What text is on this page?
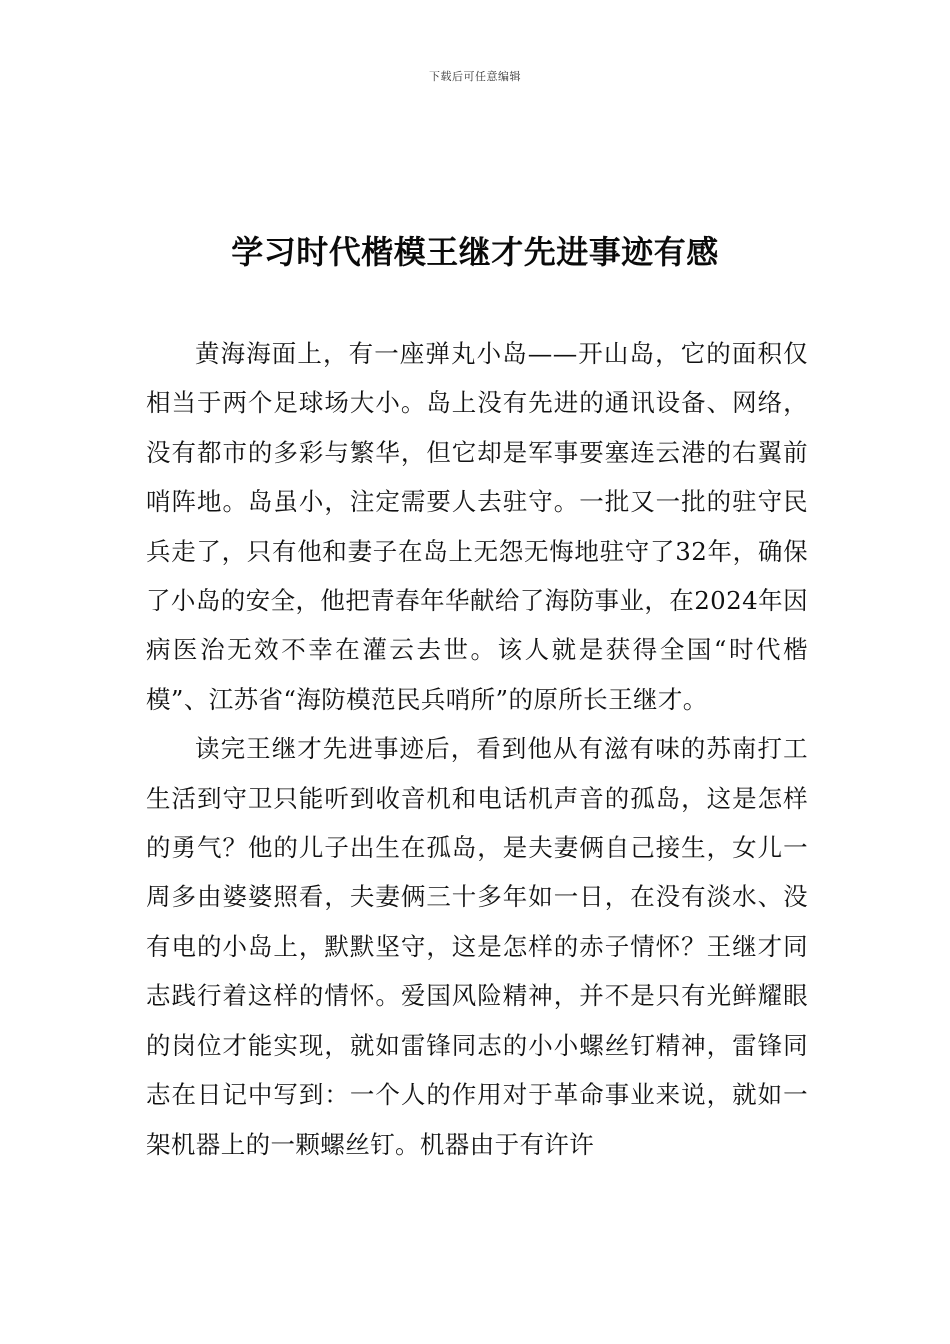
下载后可任意编辑
学习时代楷模王继才先进事迹有感

黄海海面上，有一座弹丸小岛——开山岛，它的面积仅相当于两个足球场大小。岛上没有先进的通讯设备、网络，没有都市的多彩与繁华，但它却是军事要塞连云港的右翼前哨阵地。岛虽小，注定需要人去驻守。一批又一批的驻守民兵走了，只有他和妻子在岛上无怨无悔地驻守了32年，确保了小岛的安全，他把青春年华献给了海防事业，在2024年因病医治无效不幸在灌云去世。该人就是获得全国“时代楷模”、江苏省“海防模范民兵哨所”的原所长王继才。

读完王继才先进事迹后，看到他从有滋有味的苏南打工生活到守卫只能听到收音机和电话机声音的孤岛，这是怎样的勇气？他的儿子出生在孤岛，是夫妻俩自己接生，女儿一周多由婆婆照看，夫妻俩三十多年如一日，在没有淡水、没有电的小岛上，默默坚守，这是怎样的赤子情怀？王继才同志践行着这样的情怀。爱国风险精神，并不是只有光鲜耀眼的岗位才能实现，就如雷锋同志的小小螺丝钉精神，雷锋同志在日记中写到：一个人的作用对于革命事业来说，就如一架机器上的一颗螺丝钉。机器由于有许许
